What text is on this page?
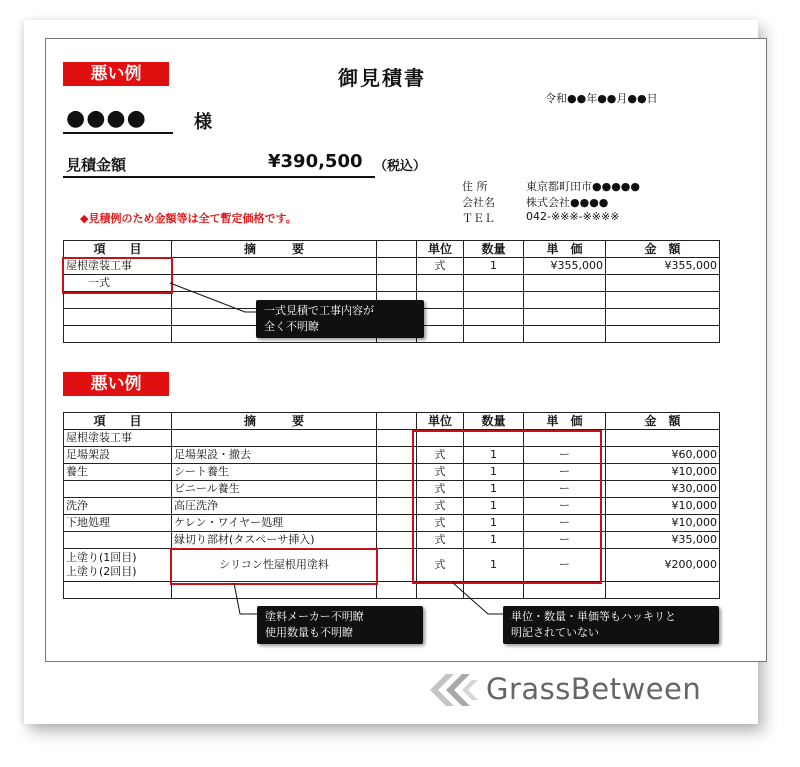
悪い例	御見積書
令和●●年●●月●●日
●●●●	様
見積金額	¥390,500 （税込）
住 所	東京都町田市●●●●●
会社名	株式会社●●●●
ＴＥＬ	042-※※※-※※※※
◆見積例のため金額等は全て暫定価格です。
項　　目	摘　　　要		単位	数量	単　価	金　額
屋根塗装工事			式	1	¥355,000	¥355,000
　　一式						

一式見積で工事内容が
全く不明瞭
悪い例
項　　目	摘　　　要		単位	数量	単　価	金　額
屋根塗装工事						
足場架設	足場架設・撤去		式	1	ー	¥60,000
養生	シート養生		式	1	ー	¥10,000
	ビニール養生		式	1	ー	¥30,000
洗浄	高圧洗浄		式	1	ー	¥10,000
下地処理	ケレン・ワイヤー処理		式	1	ー	¥10,000
	縁切り部材(タスペーサ挿入)		式	1	ー	¥35,000

上塗り(1回目)
上塗り(2回目)	シリコン性屋根用塗料		式	1	ー	¥200,000

塗料メーカー不明瞭
使用数量も不明瞭
単位・数量・単価等もハッキリと
明記されていない
GrassBetween
